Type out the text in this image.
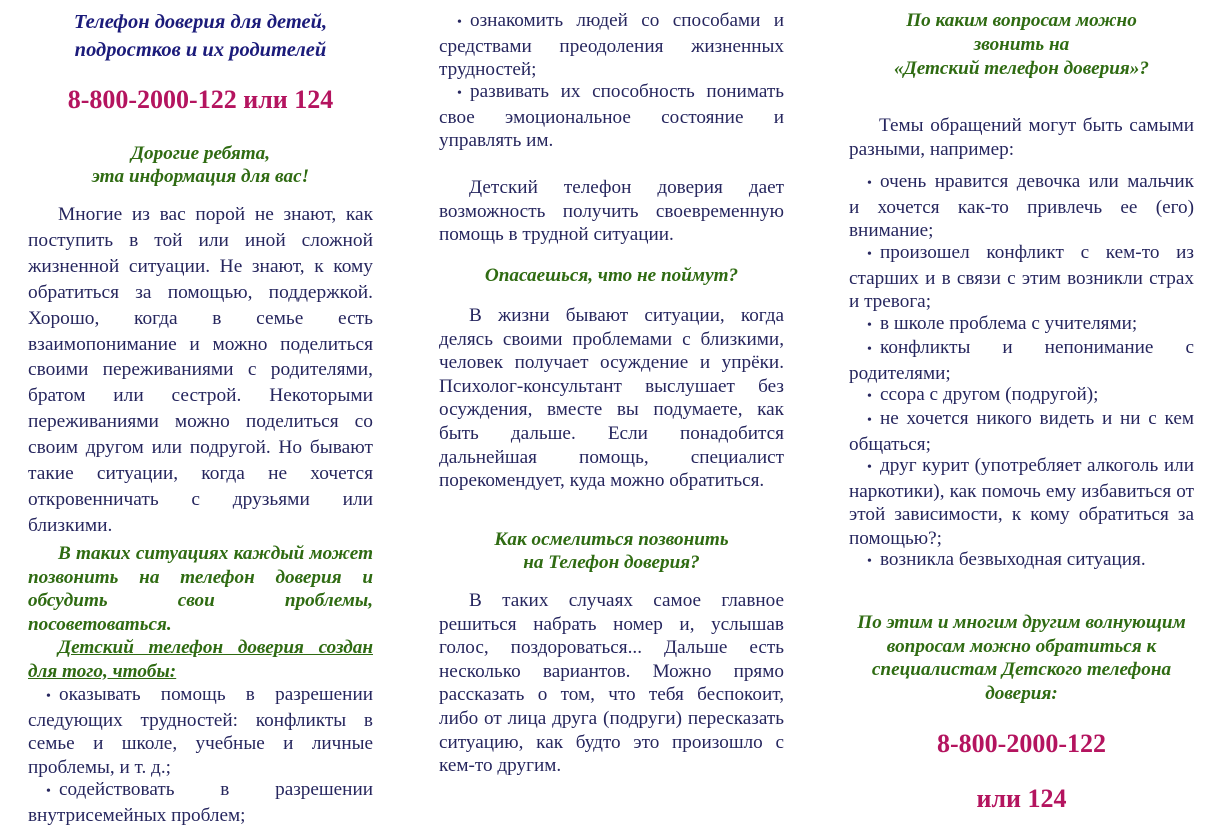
Телефон доверия для детей, подростков и их родителей
8-800-2000-122 или 124
Дорогие ребята,
эта информация для вас!
Многие из вас порой не знают, как поступить в той или иной сложной жизненной ситуации. Не знают, к кому обратиться за помощью, поддержкой. Хорошо, когда в семье есть взаимопонимание и можно поделиться своими переживаниями с родителями, братом или сестрой. Некоторыми переживаниями можно поделиться со своим другом или подругой. Но бывают такие ситуации, когда не хочется откровенничать с друзьями или близкими.
В таких ситуациях каждый может позвонить на телефон доверия и обсудить свои проблемы, посоветоваться.
Детский телефон доверия создан для того, чтобы:
• оказывать помощь в разрешении следующих трудностей: конфликты в семье и школе, учебные и личные проблемы, и т. д.;
• содействовать в разрешении внутрисемейных проблем;
• ознакомить людей со способами и средствами преодоления жизненных трудностей;
• развивать их способность понимать свое эмоциональное состояние и управлять им.
Детский телефон доверия дает возможность получить своевременную помощь в трудной ситуации.
Опасаешься, что не поймут?
В жизни бывают ситуации, когда делясь своими проблемами с близкими, человек получает осуждение и упрёки. Психолог-консультант выслушает без осуждения, вместе вы подумаете, как быть дальше. Если понадобится дальнейшая помощь, специалист порекомендует, куда можно обратиться.
Как осмелиться позвонить
на Телефон доверия?
В таких случаях самое главное решиться набрать номер и, услышав голос, поздороваться... Дальше есть несколько вариантов. Можно прямо рассказать о том, что тебя беспокоит, либо от лица друга (подруги) пересказать ситуацию, как будто это произошло с кем-то другим.
По каким вопросам можно
звонить на
«Детский телефон доверия»?
Темы обращений могут быть самыми разными, например:
• очень нравится девочка или мальчик и хочется как-то привлечь ее (его) внимание;
• произошел конфликт с кем-то из старших и в связи с этим возникли страх и тревога;
• в школе проблема с учителями;
• конфликты и непонимание с родителями;
• ссора с другом (подругой);
• не хочется никого видеть и ни с кем общаться;
• друг курит (употребляет алкоголь или наркотики), как помочь ему избавиться от этой зависимости, к кому обратиться за помощью?;
• возникла безвыходная ситуация.
По этим и многим другим волнующим вопросам можно обратиться к специалистам Детского телефона доверия:
8-800-2000-122
или 124
